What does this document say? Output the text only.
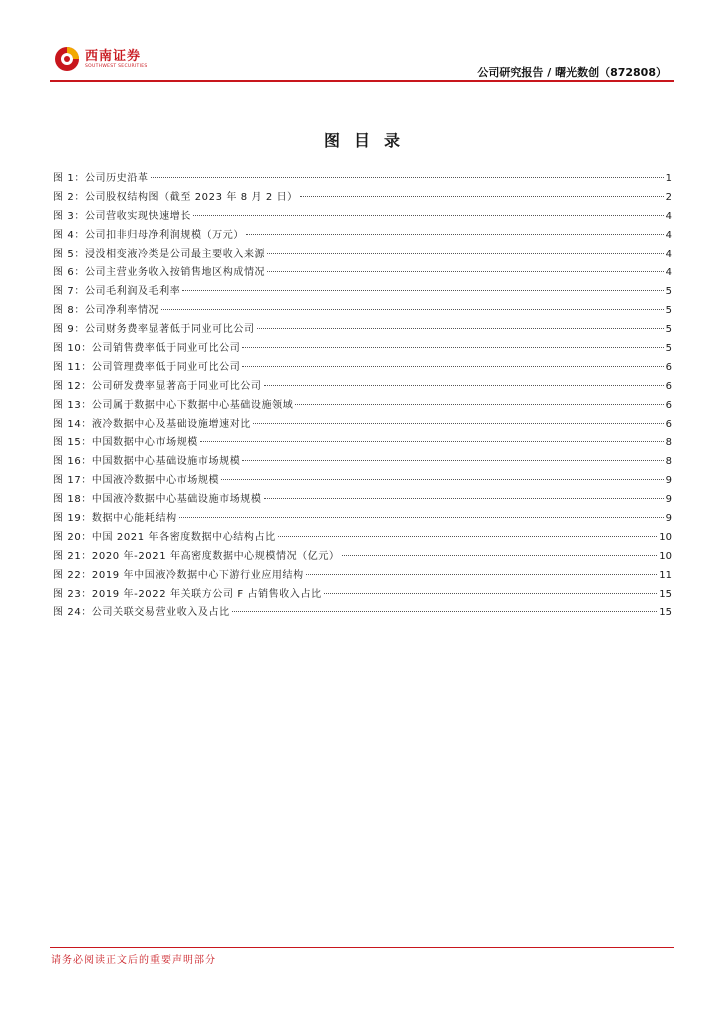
西南证券
SOUTHWEST SECURITIES	公司研究报告 / 曙光数创（872808）
图目录
图 1：公司历史沿革	1
图 2：公司股权结构图（截至 2023 年 8 月 2 日）	2
图 3：公司营收实现快速增长	4
图 4：公司扣非归母净利润规模（万元）	4
图 5：浸没相变液冷类是公司最主要收入来源	4
图 6：公司主营业务收入按销售地区构成情况	4
图 7：公司毛利润及毛利率	5
图 8：公司净利率情况	5
图 9：公司财务费率显著低于同业可比公司	5
图 10：公司销售费率低于同业可比公司	5
图 11：公司管理费率低于同业可比公司	6
图 12：公司研发费率显著高于同业可比公司	6
图 13：公司属于数据中心下数据中心基础设施领域	6
图 14：液冷数据中心及基础设施增速对比	6
图 15：中国数据中心市场规模	8
图 16：中国数据中心基础设施市场规模	8
图 17：中国液冷数据中心市场规模	9
图 18：中国液冷数据中心基础设施市场规模	9
图 19：数据中心能耗结构	9
图 20：中国 2021 年各密度数据中心结构占比	10
图 21：2020 年-2021 年高密度数据中心规模情况（亿元）	10
图 22：2019 年中国液冷数据中心下游行业应用结构	11
图 23：2019 年-2022 年关联方公司 F 占销售收入占比	15
图 24：公司关联交易营业收入及占比	15
请务必阅读正文后的重要声明部分
